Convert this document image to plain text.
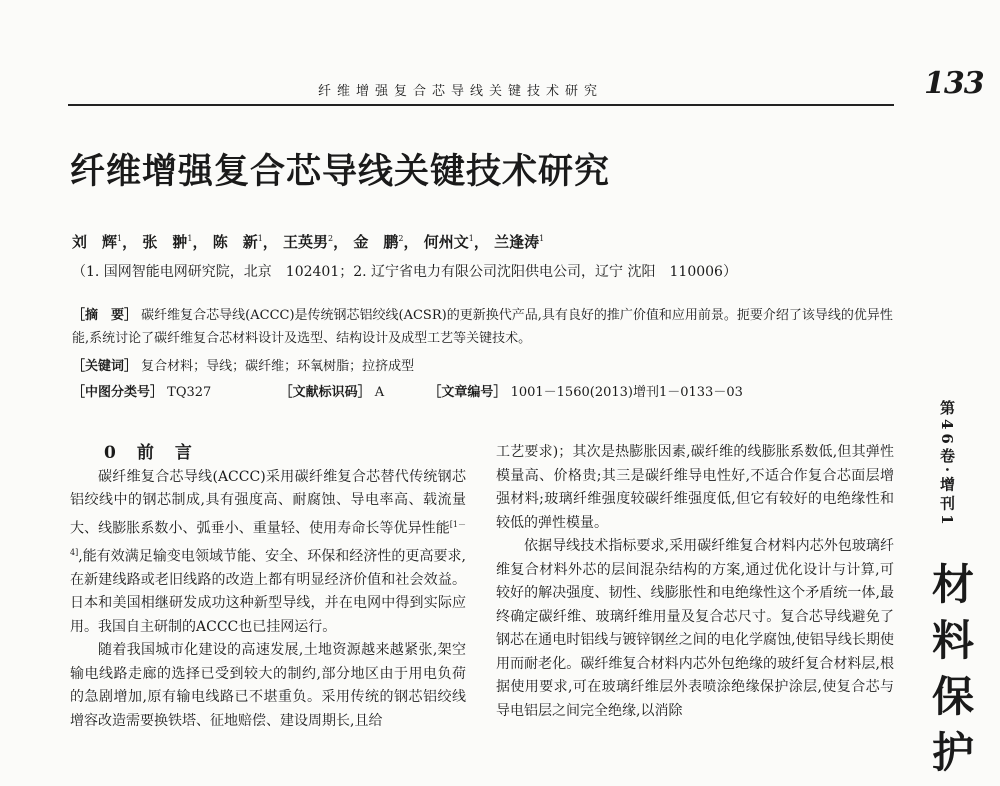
纤维增强复合芯导线关键技术研究	133
纤维增强复合芯导线关键技术研究
刘　辉$^1$， 张　翀$^1$， 陈　新$^1$， 王英男$^2$， 金　鹏$^2$， 何州文$^1$， 兰逢涛$^1$
（1. 国网智能电网研究院，北京　102401；2. 辽宁省电力有限公司沈阳供电公司，辽宁 沈阳　110006）
［摘　要］ 碳纤维复合芯导线(ACCC)是传统钢芯铝绞线(ACSR)的更新换代产品,具有良好的推广价值和应用前景。扼要介绍了该导线的优异性能,系统讨论了碳纤维复合芯材料设计及选型、结构设计及成型工艺等关键技术。
［关键词］ 复合材料；导线；碳纤维；环氧树脂；拉挤成型
［中图分类号］ TQ327	［文献标识码］ A	［文章编号］ 1001－1560(2013)增刊1－0133－03

0　前　言

碳纤维复合芯导线(ACCC)采用碳纤维复合芯替代传统钢芯铝绞线中的钢芯制成,具有强度高、耐腐蚀、导电率高、载流量大、线膨胀系数小、弧垂小、重量轻、使用寿命长等优异性能[1－4],能有效满足输变电领域节能、安全、环保和经济性的更高要求,在新建线路或老旧线路的改造上都有明显经济价值和社会效益。日本和美国相继研发成功这种新型导线，并在电网中得到实际应用。我国自主研制的ACCC也已挂网运行。

随着我国城市化建设的高速发展,土地资源越来越紧张,架空输电线路走廊的选择已受到较大的制约,部分地区由于用电负荷的急剧增加,原有输电线路已不堪重负。采用传统的钢芯铝绞线增容改造需要换铁塔、征地赔偿、建设周期长,且给

工艺要求)；其次是热膨胀因素,碳纤维的线膨胀系数低,但其弹性模量高、价格贵;其三是碳纤维导电性好,不适合作复合芯面层增强材料;玻璃纤维强度较碳纤维强度低,但它有较好的电绝缘性和较低的弹性模量。

依据导线技术指标要求,采用碳纤维复合材料内芯外包玻璃纤维复合材料外芯的层间混杂结构的方案,通过优化设计与计算,可较好的解决强度、韧性、线膨胀性和电绝缘性这个矛盾统一体,最终确定碳纤维、玻璃纤维用量及复合芯尺寸。复合芯导线避免了钢芯在通电时铝线与镀锌钢丝之间的电化学腐蚀,使铝导线长期使用而耐老化。碳纤维复合材料内芯外包绝缘的玻纤复合材料层,根据使用要求,可在玻璃纤维层外表喷涂绝缘保护涂层,使复合芯与导电铝层之间完全绝缘,以消除

第46卷·增刊1
材料保护
